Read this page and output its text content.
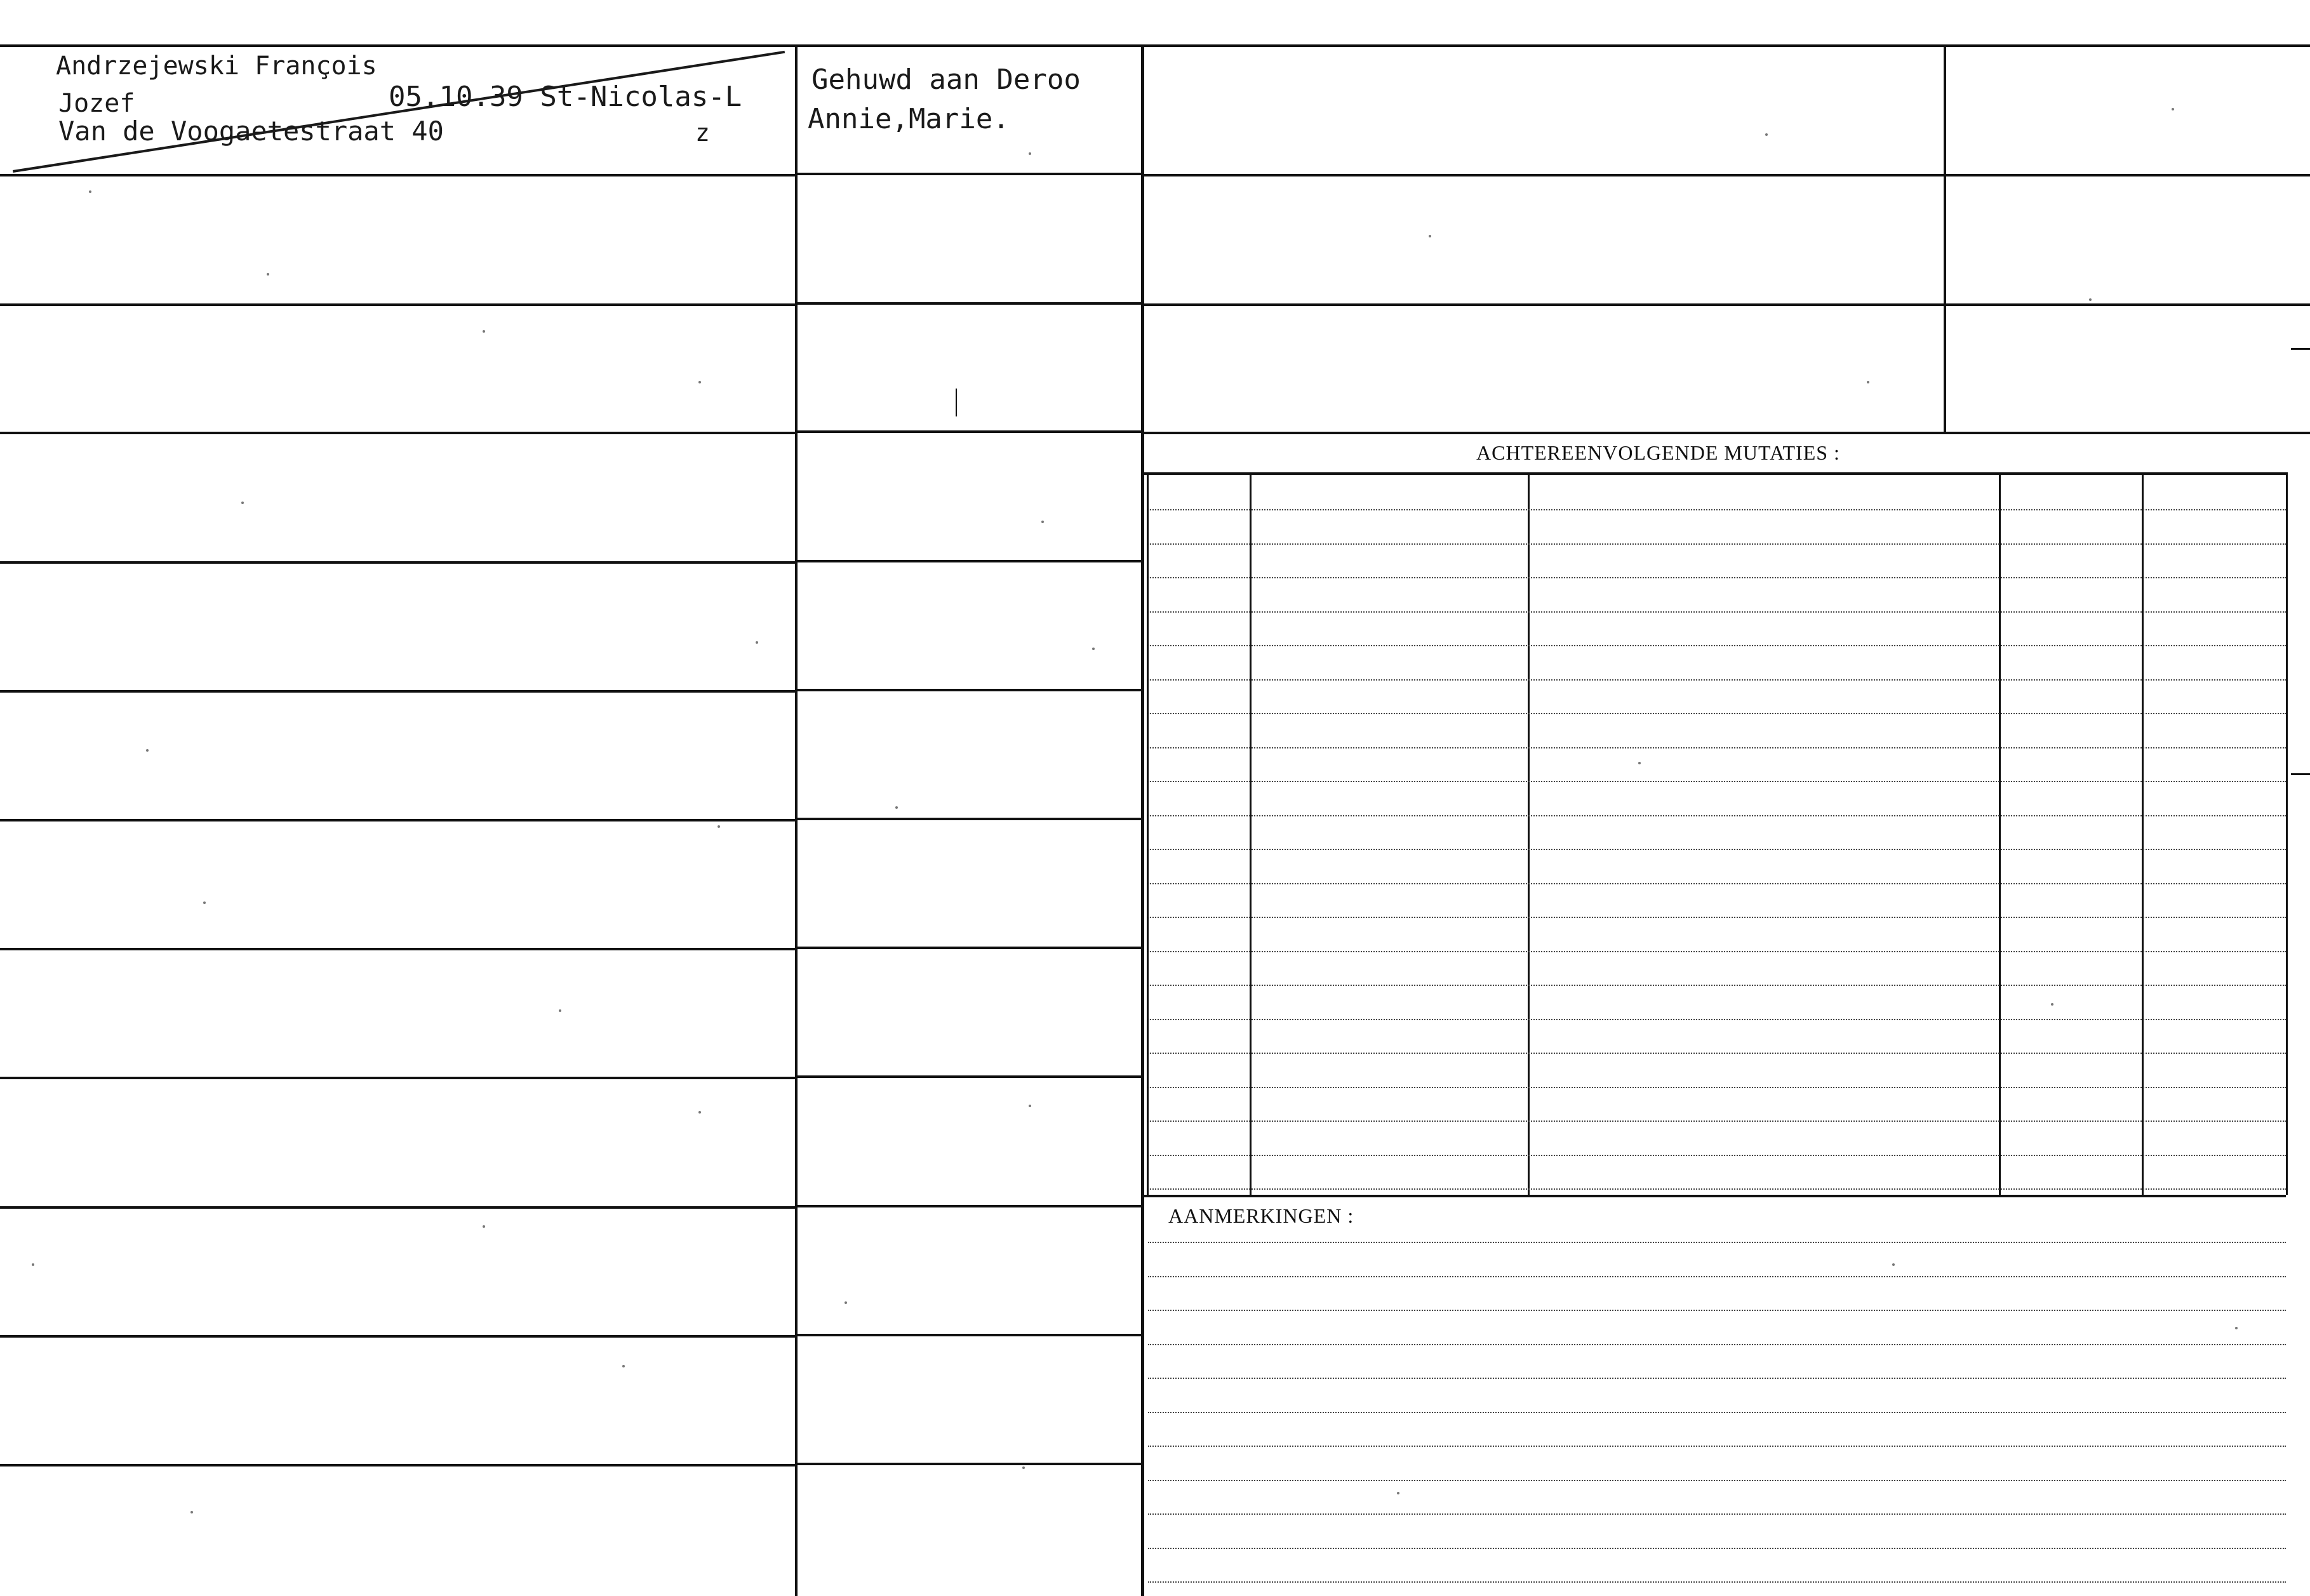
ACHTEREENVOLGENDE MUTATIES :
AANMERKINGEN :
Andrzejewski François
Jozef	05.10.39 St-Nicolas-L
Van de Voogaetestraat 40	z
Gehuwd aan Deroo
Annie,Marie.
